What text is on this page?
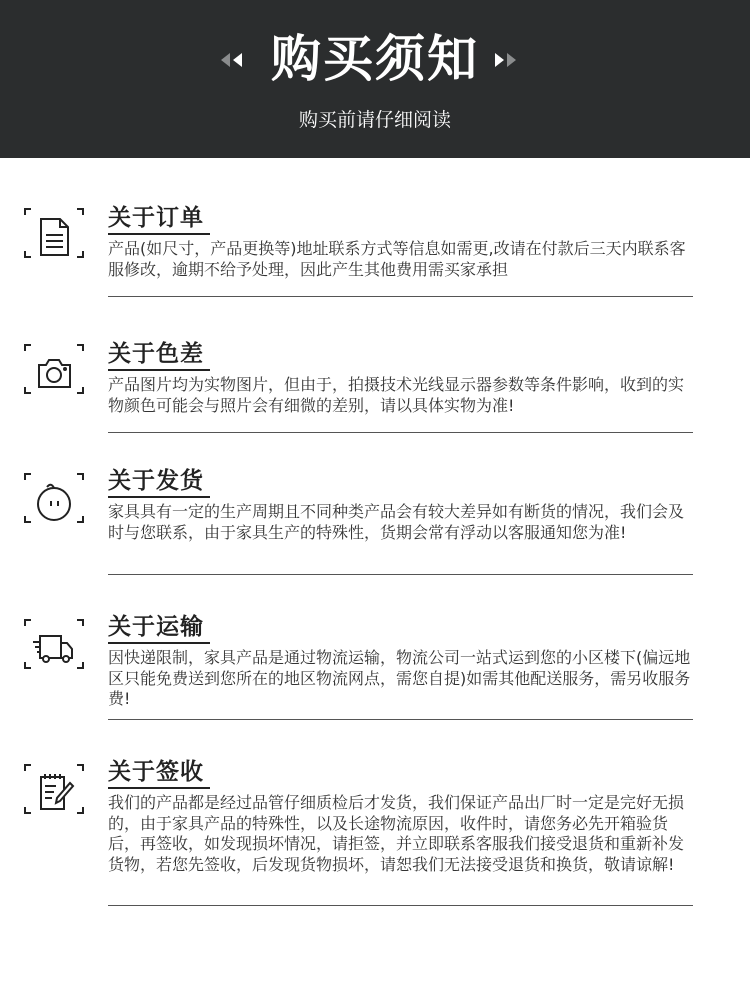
购买须知
购买前请仔细阅读
关于订单

产品(如尺寸，产品更换等)地址联系方式等信息如需更,改请在付款后三天内联系客服修改，逾期不给予处理，因此产生其他费用需买家承担

关于色差

产品图片均为实物图片，但由于，拍摄技术光线显示器参数等条件影响，收到的实物颜色可能会与照片会有细微的差别，请以具体实物为准!

关于发货

家具具有一定的生产周期且不同种类产品会有较大差异如有断货的情况，我们会及时与您联系，由于家具生产的特殊性，货期会常有浮动以客服通知您为准!

关于运输

因快递限制，家具产品是通过物流运输，物流公司一站式运到您的小区楼下(偏远地区只能免费送到您所在的地区物流网点，需您自提)如需其他配送服务，需另收服务费!

关于签收

我们的产品都是经过品管仔细质检后才发货，我们保证产品出厂时一定是完好无损的，由于家具产品的特殊性，以及长途物流原因，收件时，请您务必先开箱验货后，再签收，如发现损坏情况，请拒签，并立即联系客服我们接受退货和重新补发货物，若您先签收，后发现货物损坏，请恕我们无法接受退货和换货，敬请谅解!
